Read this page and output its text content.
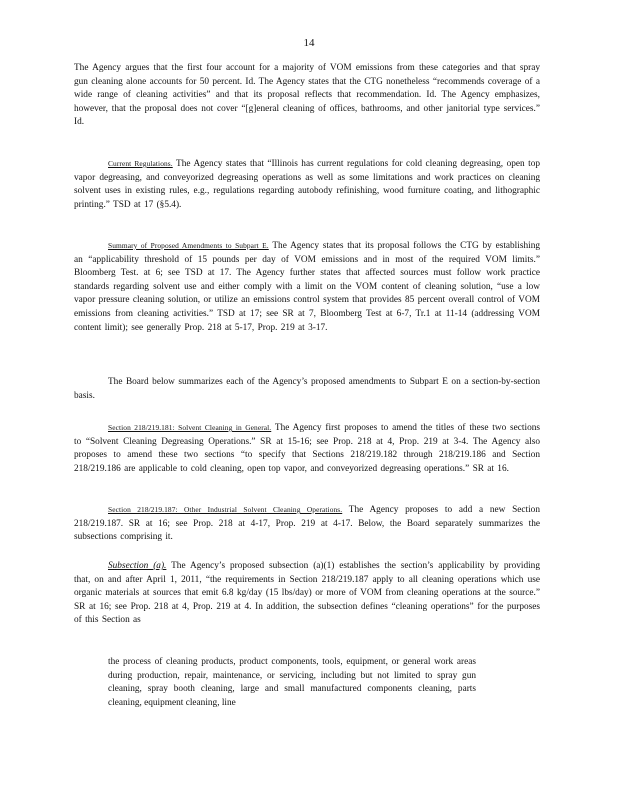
14

The Agency argues that the first four account for a majority of VOM emissions from these categories and that spray gun cleaning alone accounts for 50 percent. Id. The Agency states that the CTG nonetheless “recommends coverage of a wide range of cleaning activities” and that its proposal reflects that recommendation. Id. The Agency emphasizes, however, that the proposal does not cover “[g]eneral cleaning of offices, bathrooms, and other janitorial type services.” Id.

Current Regulations. The Agency states that “Illinois has current regulations for cold cleaning degreasing, open top vapor degreasing, and conveyorized degreasing operations as well as some limitations and work practices on cleaning solvent uses in existing rules, e.g., regulations regarding autobody refinishing, wood furniture coating, and lithographic printing.” TSD at 17 (§5.4).

Summary of Proposed Amendments to Subpart E. The Agency states that its proposal follows the CTG by establishing an “applicability threshold of 15 pounds per day of VOM emissions and in most of the required VOM limits.” Bloomberg Test. at 6; see TSD at 17. The Agency further states that affected sources must follow work practice standards regarding solvent use and either comply with a limit on the VOM content of cleaning solution, “use a low vapor pressure cleaning solution, or utilize an emissions control system that provides 85 percent overall control of VOM emissions from cleaning activities.” TSD at 17; see SR at 7, Bloomberg Test at 6-7, Tr.1 at 11-14 (addressing VOM content limit); see generally Prop. 218 at 5-17, Prop. 219 at 3-17.

The Board below summarizes each of the Agency’s proposed amendments to Subpart E on a section-by-section basis.

Section 218/219.181: Solvent Cleaning in General. The Agency first proposes to amend the titles of these two sections to “Solvent Cleaning Degreasing Operations.” SR at 15-16; see Prop. 218 at 4, Prop. 219 at 3-4. The Agency also proposes to amend these two sections “to specify that Sections 218/219.182 through 218/219.186 and Section 218/219.186 are applicable to cold cleaning, open top vapor, and conveyorized degreasing operations.” SR at 16.

Section 218/219.187: Other Industrial Solvent Cleaning Operations. The Agency proposes to add a new Section 218/219.187. SR at 16; see Prop. 218 at 4-17, Prop. 219 at 4-17. Below, the Board separately summarizes the subsections comprising it.

Subsection (a). The Agency’s proposed subsection (a)(1) establishes the section’s applicability by providing that, on and after April 1, 2011, “the requirements in Section 218/219.187 apply to all cleaning operations which use organic materials at sources that emit 6.8 kg/day (15 lbs/day) or more of VOM from cleaning operations at the source.” SR at 16; see Prop. 218 at 4, Prop. 219 at 4. In addition, the subsection defines “cleaning operations” for the purposes of this Section as

the process of cleaning products, product components, tools, equipment, or general work areas during production, repair, maintenance, or servicing, including but not limited to spray gun cleaning, spray booth cleaning, large and small manufactured components cleaning, parts cleaning, equipment cleaning, line
